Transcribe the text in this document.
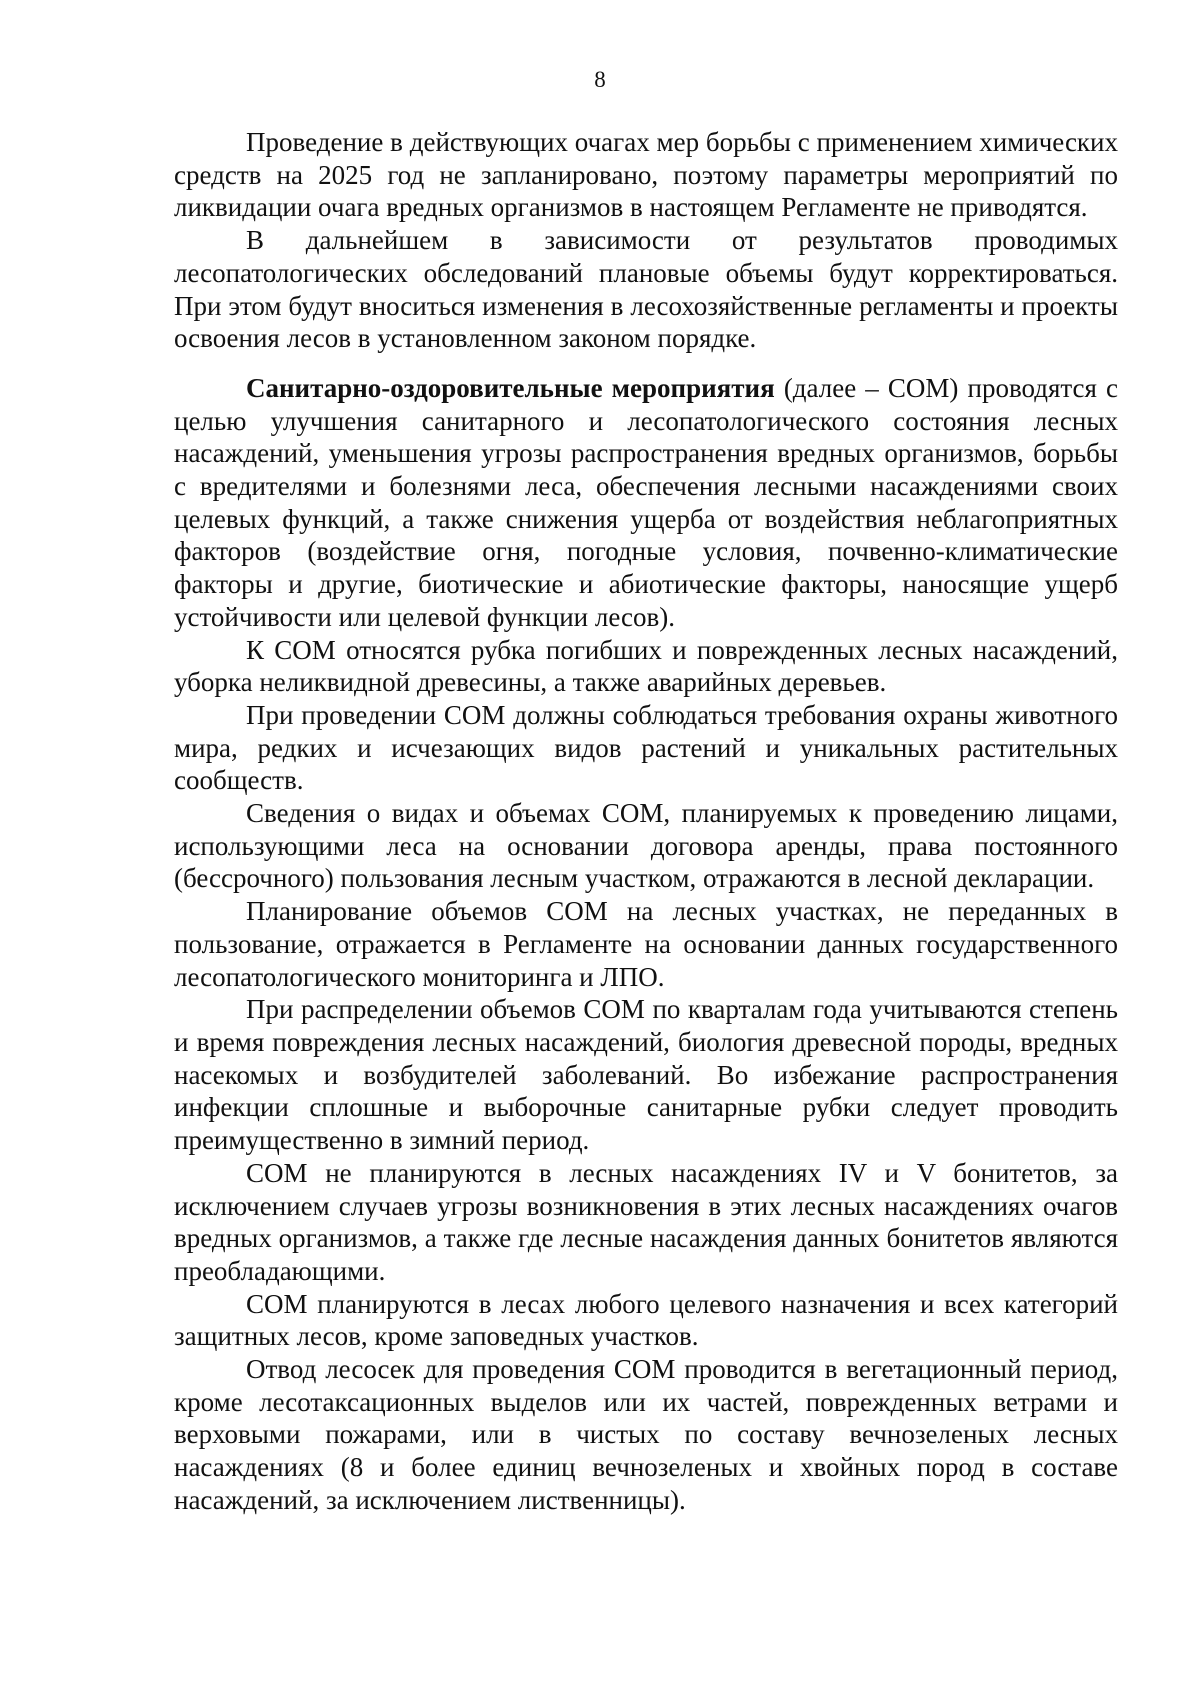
8

Проведение в действующих очагах мер борьбы с применением химических средств на 2025 год не запланировано, поэтому параметры мероприятий по ликвидации очага вредных организмов в настоящем Регламенте не приводятся.

В дальнейшем в зависимости от результатов проводимых лесопатологических обследований плановые объемы будут корректироваться. При этом будут вноситься изменения в лесохозяйственные регламенты и проекты освоения лесов в установленном законом порядке.

Санитарно-оздоровительные мероприятия (далее – СОМ) проводятся с целью улучшения санитарного и лесопатологического состояния лесных насаждений, уменьшения угрозы распространения вредных организмов, борьбы с вредителями и болезнями леса, обеспечения лесными насаждениями своих целевых функций, а также снижения ущерба от воздействия неблагоприятных факторов (воздействие огня, погодные условия, почвенно-климатические факторы и другие, биотические и абиотические факторы, наносящие ущерб устойчивости или целевой функции лесов).

К СОМ относятся рубка погибших и поврежденных лесных насаждений, уборка неликвидной древесины, а также аварийных деревьев.

При проведении СОМ должны соблюдаться требования охраны животного мира, редких и исчезающих видов растений и уникальных растительных сообществ.

Сведения о видах и объемах СОМ, планируемых к проведению лицами, использующими леса на основании договора аренды, права постоянного (бессрочного) пользования лесным участком, отражаются в лесной декларации.

Планирование объемов СОМ на лесных участках, не переданных в пользование, отражается в Регламенте на основании данных государственного лесопатологического мониторинга и ЛПО.

При распределении объемов СОМ по кварталам года учитываются степень и время повреждения лесных насаждений, биология древесной породы, вредных насекомых и возбудителей заболеваний. Во избежание распространения инфекции сплошные и выборочные санитарные рубки следует проводить преимущественно в зимний период.

СОМ не планируются в лесных насаждениях IV и V бонитетов, за исключением случаев угрозы возникновения в этих лесных насаждениях очагов вредных организмов, а также где лесные насаждения данных бонитетов являются преобладающими.

СОМ планируются в лесах любого целевого назначения и всех категорий защитных лесов, кроме заповедных участков.

Отвод лесосек для проведения СОМ проводится в вегетационный период, кроме лесотаксационных выделов или их частей, поврежденных ветрами и верховыми пожарами, или в чистых по составу вечнозеленых лесных насаждениях (8 и более единиц вечнозеленых и хвойных пород в составе насаждений, за исключением лиственницы).
